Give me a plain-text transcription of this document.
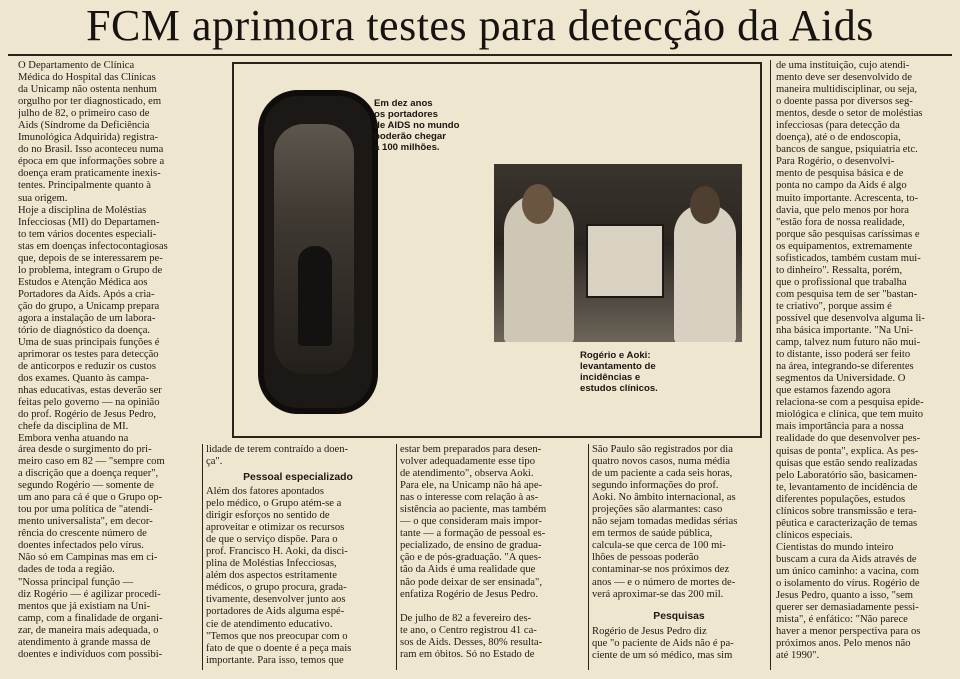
FCM aprimora testes para detecção da Aids
O Departamento de Clínica
Médica do Hospital das Clínicas
da Unicamp não ostenta nenhum
orgulho por ter diagnosticado, em
julho de 82, o primeiro caso de
Aids (Síndrome da Deficiência
Imunológica Adquirida) registra-
do no Brasil. Isso aconteceu numa
época em que informações sobre a
doença eram praticamente inexis-
tentes. Principalmente quanto à
sua origem.
Hoje a disciplina de Moléstias
Infecciosas (MI) do Departamen-
to tem vários docentes especiali-
stas em doenças infectocontagiosas
que, depois de se interessarem pe-
lo problema, integram o Grupo de
Estudos e Atenção Médica aos
Portadores da Aids. Após a cria-
ção do grupo, a Unicamp prepara
agora a instalação de um labora-
tório de diagnóstico da doença.
Uma de suas principais funções é
aprimorar os testes para detecção
de anticorpos e reduzir os custos
dos exames. Quanto às campa-
nhas educativas, estas deverão ser
feitas pelo governo — na opinião
do prof. Rogério de Jesus Pedro,
chefe da disciplina de MI.
Embora venha atuando na
área desde o surgimento do pri-
meiro caso em 82 — "sempre com
a discrição que a doença requer",
segundo Rogério — somente de
um ano para cá é que o Grupo op-
tou por uma política de "atendi-
mento universalista", em decor-
rência do crescente número de
doentes infectados pelo vírus.
Não só em Campinas mas em ci-
dades de toda a região.
"Nossa principal função —
diz Rogério — é agilizar procedi-
mentos que já existiam na Uni-
camp, com a finalidade de organi-
zar, de maneira mais adequada, o
atendimento à grande massa de
doentes e indivíduos com possibi-
Em dez anos
os portadores
de AIDS no mundo
poderão chegar
a 100 milhões.
Rogério e Aoki:
levantamento de
incidências e
estudos clínicos.
lidade de terem contraído a doen-
ça".
Pessoal especializado
Além dos fatores apontados
pelo médico, o Grupo atém-se a
dirigir esforços no sentido de
aproveitar e otimizar os recursos
de que o serviço dispõe. Para o
prof. Francisco H. Aoki, da disci-
plina de Moléstias Infecciosas,
além dos aspectos estritamente
médicos, o grupo procura, grada-
tivamente, desenvolver junto aos
portadores de Aids alguma espé-
cie de atendimento educativo.
"Temos que nos preocupar com o
fato de que o doente é a peça mais
importante. Para isso, temos que
estar bem preparados para desen-
volver adequadamente esse tipo
de atendimento", observa Aoki.
Para ele, na Unicamp não há ape-
nas o interesse com relação à as-
sistência ao paciente, mas também
— o que consideram mais impor-
tante — a formação de pessoal es-
pecializado, de ensino de gradua-
ção e de pós-graduação. "A ques-
tão da Aids é uma realidade que
não pode deixar de ser ensinada",
enfatiza Rogério de Jesus Pedro.

De julho de 82 a fevereiro des-
te ano, o Centro registrou 41 ca-
sos de Aids. Desses, 80% resulta-
ram em óbitos. Só no Estado de
São Paulo são registrados por dia
quatro novos casos, numa média
de um paciente a cada seis horas,
segundo informações do prof.
Aoki. No âmbito internacional, as
projeções são alarmantes: caso
não sejam tomadas medidas sérias
em termos de saúde pública,
calcula-se que cerca de 100 mi-
lhões de pessoas poderão
contaminar-se nos próximos dez
anos — e o número de mortes de-
verá aproximar-se das 200 mil.
Pesquisas
Rogério de Jesus Pedro diz
que "o paciente de Aids não é pa-
ciente de um só médico, mas sim
de uma instituição, cujo atendi-
mento deve ser desenvolvido de
maneira multidisciplinar, ou seja,
o doente passa por diversos seg-
mentos, desde o setor de moléstias
infecciosas (para detecção da
doença), até o de endoscopia,
bancos de sangue, psiquiatria etc.
Para Rogério, o desenvolvi-
mento de pesquisa básica e de
ponta no campo da Aids é algo
muito importante. Acrescenta, to-
davia, que pelo menos por hora
"estão fora de nossa realidade,
porque são pesquisas caríssimas e
os equipamentos, extremamente
sofisticados, também custam mui-
to dinheiro". Ressalta, porém,
que o profissional que trabalha
com pesquisa tem de ser "bastan-
te criativo", porque assim é
possível que desenvolva alguma li-
nha básica importante. "Na Uni-
camp, talvez num futuro não mui-
to distante, isso poderá ser feito
na área, integrando-se diferentes
segmentos da Universidade. O
que estamos fazendo agora
relaciona-se com a pesquisa epide-
miológica e clínica, que tem muito
mais importância para a nossa
realidade do que desenvolver pes-
quisas de ponta", explica. As pes-
quisas que estão sendo realizadas
pelo Laboratório são, basicamen-
te, levantamento de incidência de
diferentes populações, estudos
clínicos sobre transmissão e tera-
pêutica e caracterização de temas
clínicos especiais.
Cientistas do mundo inteiro
buscam a cura da Aids através de
um único caminho: a vacina, com
o isolamento do vírus. Rogério de
Jesus Pedro, quanto a isso, "sem
querer ser demasiadamente pessi-
mista", é enfático: "Não parece
haver a menor perspectiva para os
próximos anos. Pelo menos não
até 1990".
